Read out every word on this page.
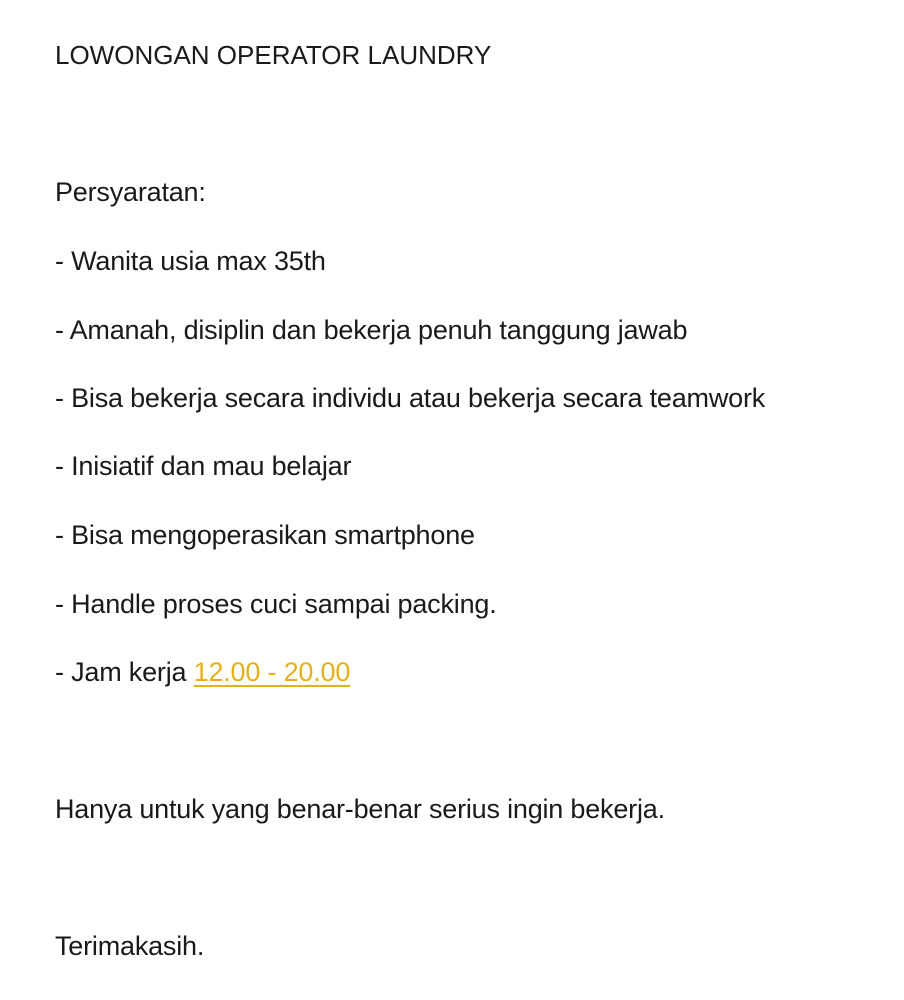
LOWONGAN OPERATOR LAUNDRY
Persyaratan:
- Wanita usia max 35th
- Amanah, disiplin dan bekerja penuh tanggung jawab
- Bisa bekerja secara individu atau bekerja secara teamwork
- Inisiatif dan mau belajar
- Bisa mengoperasikan smartphone
- Handle proses cuci sampai packing.
- Jam kerja 12.00 - 20.00
Hanya untuk yang benar-benar serius ingin bekerja.
Terimakasih.
